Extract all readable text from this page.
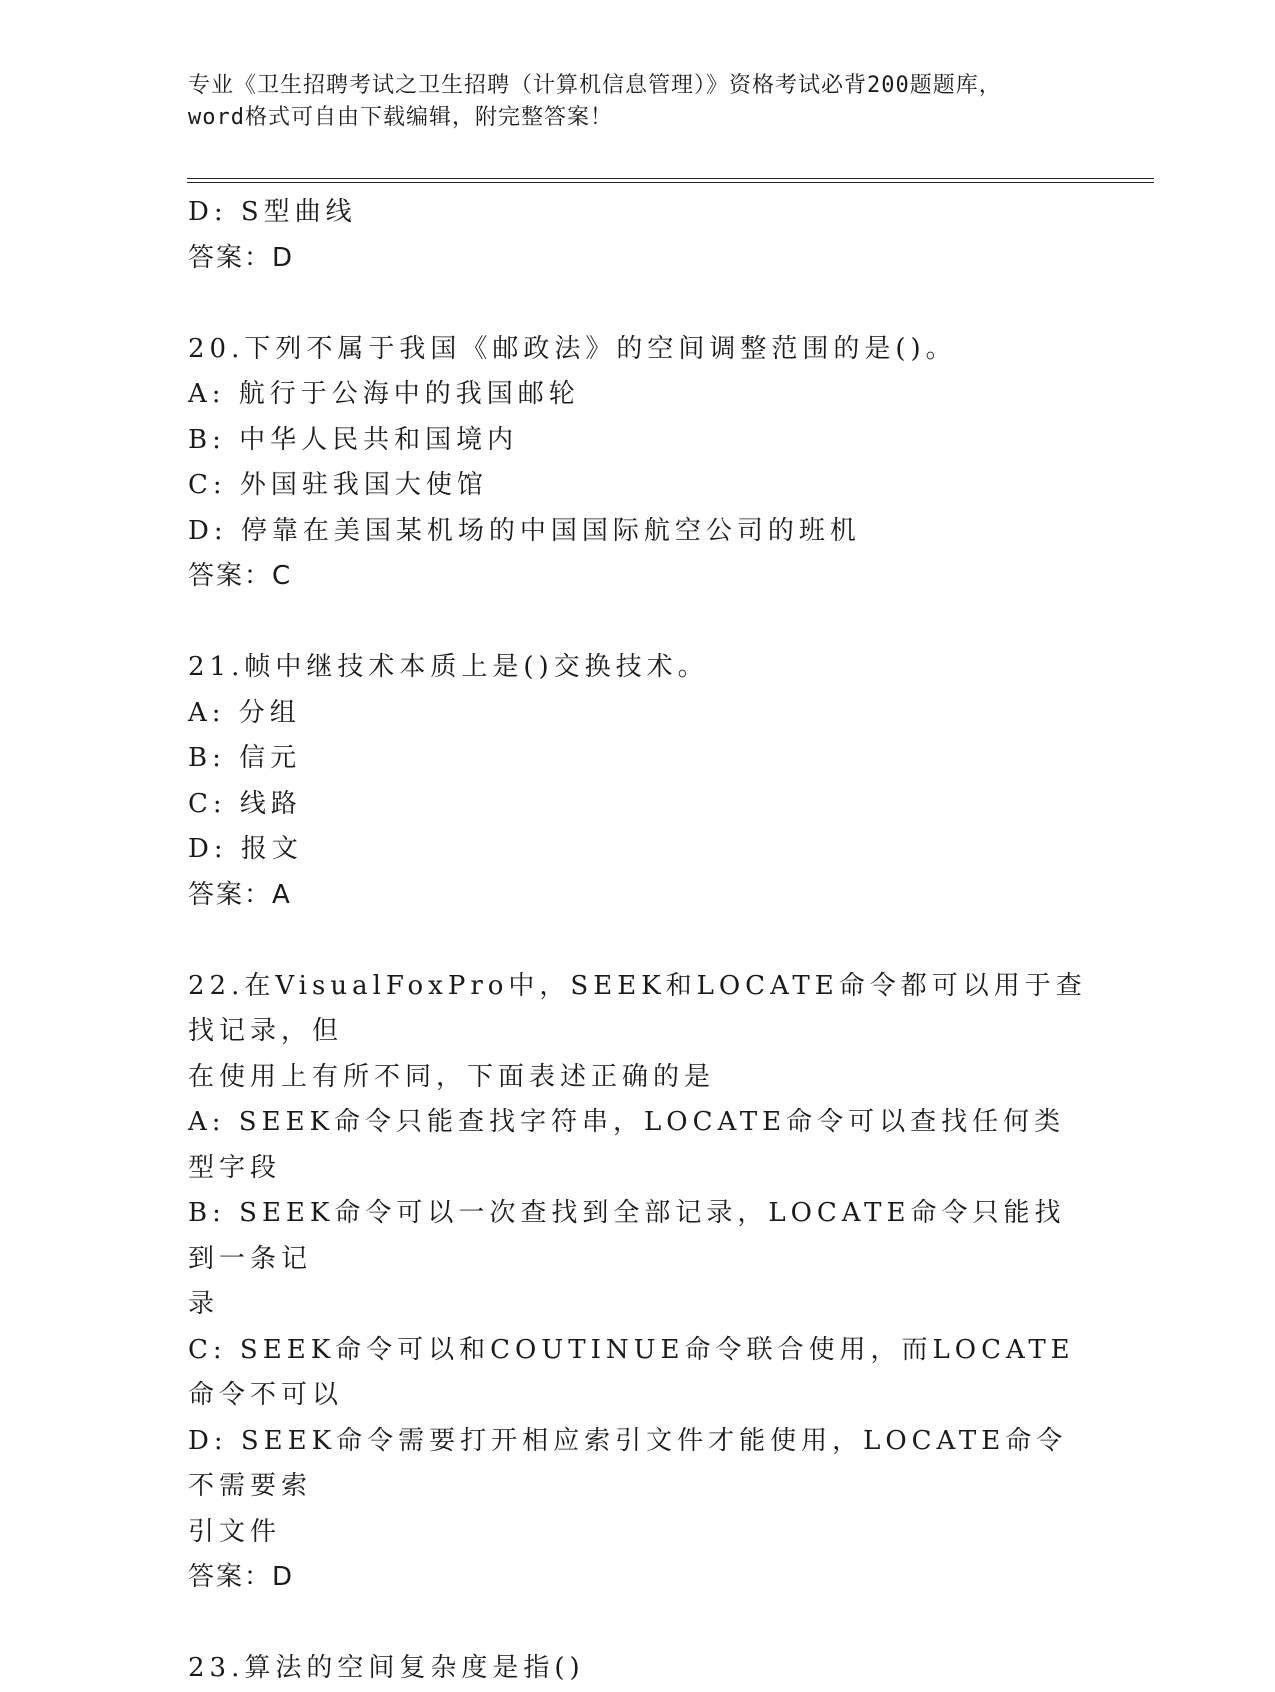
专业《卫生招聘考试之卫生招聘（计算机信息管理）》资格考试必背200题题库，
word格式可自由下载编辑，附完整答案！
D: S型曲线
答案：D
20.下列不属于我国《邮政法》的空间调整范围的是()。
A: 航行于公海中的我国邮轮
B: 中华人民共和国境内
C: 外国驻我国大使馆
D: 停靠在美国某机场的中国国际航空公司的班机
答案：C
21.帧中继技术本质上是()交换技术。
A: 分组
B: 信元
C: 线路
D: 报文
答案：A
22.在VisualFoxPro中，SEEK和LOCATE命令都可以用于查找记录，但
在使用上有所不同，下面表述正确的是
A: SEEK命令只能查找字符串，LOCATE命令可以查找任何类型字段
B: SEEK命令可以一次查找到全部记录，LOCATE命令只能找到一条记
录
C: SEEK命令可以和COUTINUE命令联合使用，而LOCATE命令不可以
D: SEEK命令需要打开相应索引文件才能使用，LOCATE命令不需要索
引文件
答案：D
23.算法的空间复杂度是指()
